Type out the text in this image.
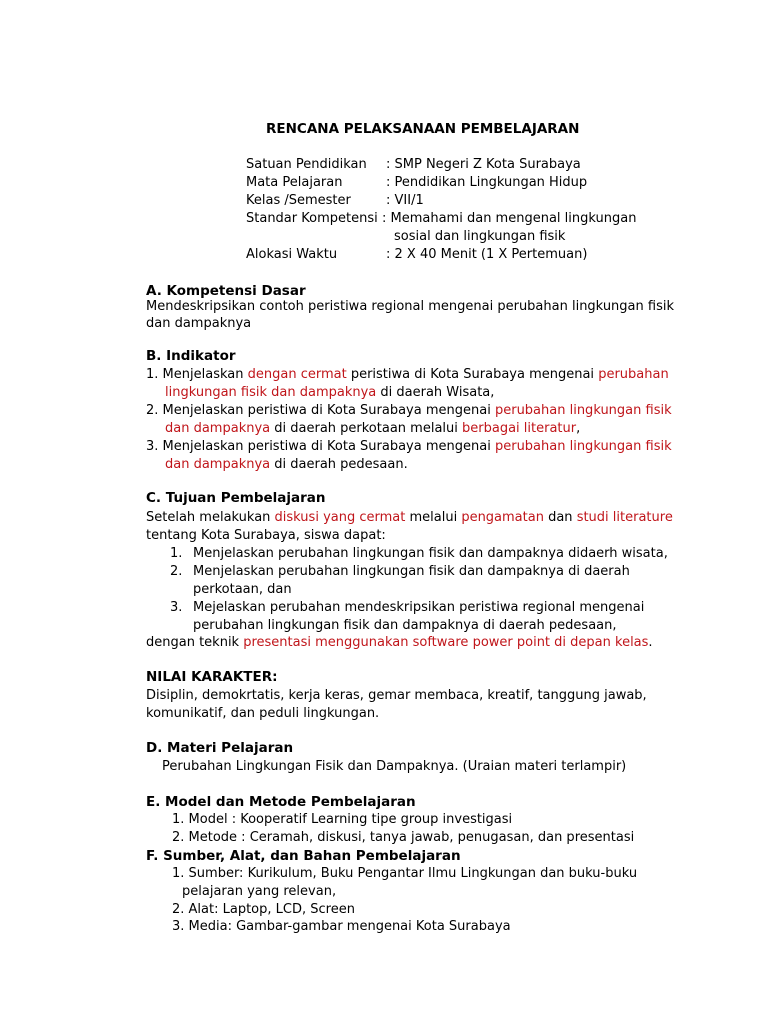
RENCANA PELAKSANAAN PEMBELAJARAN
Satuan Pendidikan : SMP Negeri Z Kota Surabaya
Mata Pelajaran	: Pendidikan Lingkungan Hidup
Kelas /Semester	: VII/1
Standar Kompetensi : Memahami dan mengenal lingkungan
sosial dan lingkungan fisik
Alokasi Waktu	: 2 X 40 Menit (1 X Pertemuan)
A. Kompetensi Dasar
Mendeskripsikan contoh peristiwa regional mengenai perubahan lingkungan fisik
dan dampaknya
B. Indikator
1. Menjelaskan dengan cermat peristiwa di Kota Surabaya mengenai perubahan
lingkungan fisik dan dampaknya di daerah Wisata,
2. Menjelaskan peristiwa di Kota Surabaya mengenai perubahan lingkungan fisik
dan dampaknya di daerah perkotaan melalui berbagai literatur,
3. Menjelaskan peristiwa di Kota Surabaya mengenai perubahan lingkungan fisik
dan dampaknya di daerah pedesaan.
C. Tujuan Pembelajaran
Setelah melakukan diskusi yang cermat melalui pengamatan dan studi literature
tentang Kota Surabaya, siswa dapat:
1. Menjelaskan perubahan lingkungan fisik dan dampaknya didaerh wisata,
2. Menjelaskan perubahan lingkungan fisik dan dampaknya di daerah
perkotaan, dan
3. Mejelaskan perubahan mendeskripsikan peristiwa regional mengenai
perubahan lingkungan fisik dan dampaknya di daerah pedesaan,
dengan teknik presentasi menggunakan software power point di depan kelas.
NILAI KARAKTER:
Disiplin, demokrtatis, kerja keras, gemar membaca, kreatif, tanggung jawab,
komunikatif, dan peduli lingkungan.
D. Materi Pelajaran
Perubahan Lingkungan Fisik dan Dampaknya. (Uraian materi terlampir)
E. Model dan Metode Pembelajaran
1. Model : Kooperatif Learning tipe group investigasi
2. Metode : Ceramah, diskusi, tanya jawab, penugasan, dan presentasi
F. Sumber, Alat, dan Bahan Pembelajaran
1. Sumber: Kurikulum, Buku Pengantar Ilmu Lingkungan dan buku-buku
pelajaran yang relevan,
2. Alat: Laptop, LCD, Screen
3. Media: Gambar-gambar mengenai Kota Surabaya
